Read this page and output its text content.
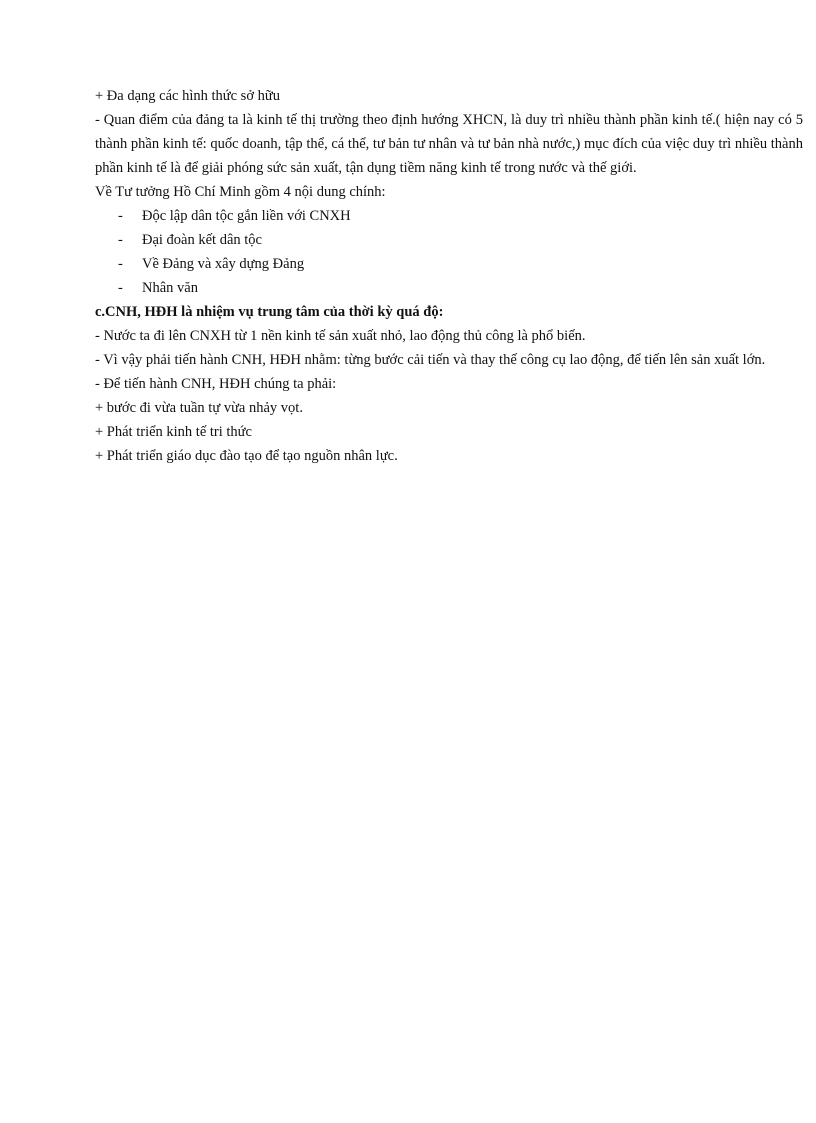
+ Đa dạng các hình thức sở hữu

- Quan điểm của đảng ta là kinh tế thị trường theo định hướng XHCN, là duy trì nhiều thành phần kinh tế.( hiện nay có 5 thành phần kinh tế: quốc doanh, tập thể, cá thể, tư bản tư nhân và tư bản nhà nước,) mục đích của việc duy trì nhiều thành phần kinh tế là để giải phóng sức sản xuất, tận dụng tiềm năng kinh tế trong nước và thế giới.

Về Tư tưởng Hồ Chí Minh gồm 4 nội dung chính:

- Độc lập dân tộc gắn liền với CNXH
- Đại đoàn kết dân tộc
- Về Đảng và xây dựng Đảng
- Nhân văn

c.CNH, HĐH là nhiệm vụ trung tâm của thời kỳ quá độ:

- Nước ta đi lên CNXH từ 1 nền kinh tế sản xuất nhỏ, lao động thủ công là phổ biến.

- Vì vậy phải tiến hành CNH, HĐH nhằm: từng bước cải tiến và thay thế công cụ lao động, để tiến lên sản xuất lớn.

- Để tiến hành CNH, HĐH chúng ta phải:

+ bước đi vừa tuần tự vừa nhảy vọt.

+ Phát triển kinh tế tri thức

+ Phát triển giáo dục đào tạo để tạo nguồn nhân lực.
